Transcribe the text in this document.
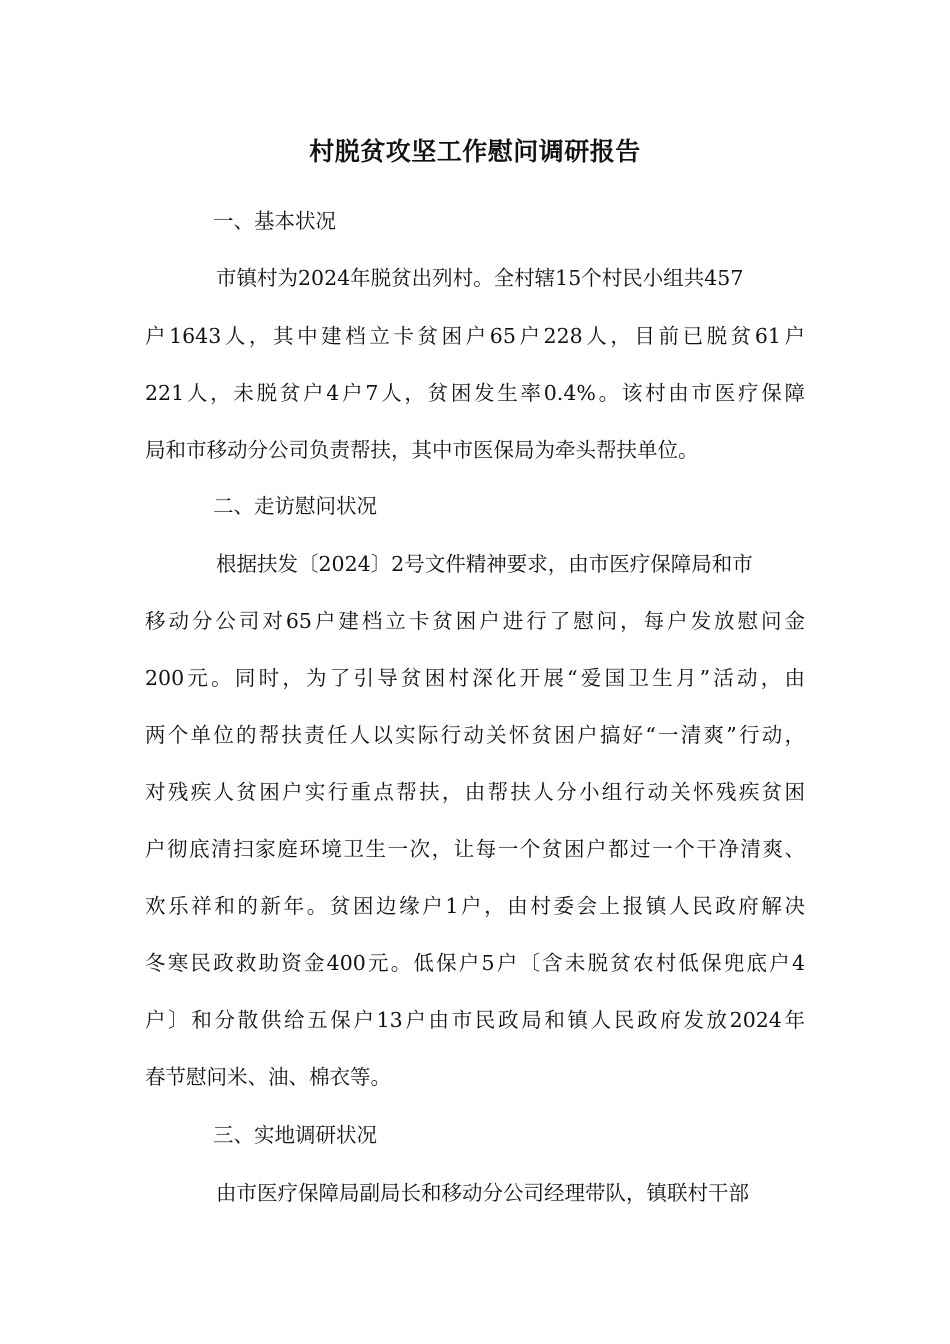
村脱贫攻坚工作慰问调研报告
一、基本状况
市镇村为2024年脱贫出列村。全村辖15个村民小组共457
户1643人，其中建档立卡贫困户65户228人，目前已脱贫61户
221人，未脱贫户4户7人，贫困发生率0.4%。该村由市医疗保障
局和市移动分公司负责帮扶，其中市医保局为牵头帮扶单位。
二、走访慰问状况
根据扶发〔2024〕2号文件精神要求，由市医疗保障局和市
移动分公司对65户建档立卡贫困户进行了慰问，每户发放慰问金
200元。同时，为了引导贫困村深化开展“爱国卫生月”活动，由
两个单位的帮扶责任人以实际行动关怀贫困户搞好“一清爽”行动，
对残疾人贫困户实行重点帮扶，由帮扶人分小组行动关怀残疾贫困
户彻底清扫家庭环境卫生一次，让每一个贫困户都过一个干净清爽、
欢乐祥和的新年。贫困边缘户1户，由村委会上报镇人民政府解决
冬寒民政救助资金400元。低保户5户〔含未脱贫农村低保兜底户4
户〕和分散供给五保户13户由市民政局和镇人民政府发放2024年
春节慰问米、油、棉衣等。
三、实地调研状况
由市医疗保障局副局长和移动分公司经理带队，镇联村干部
